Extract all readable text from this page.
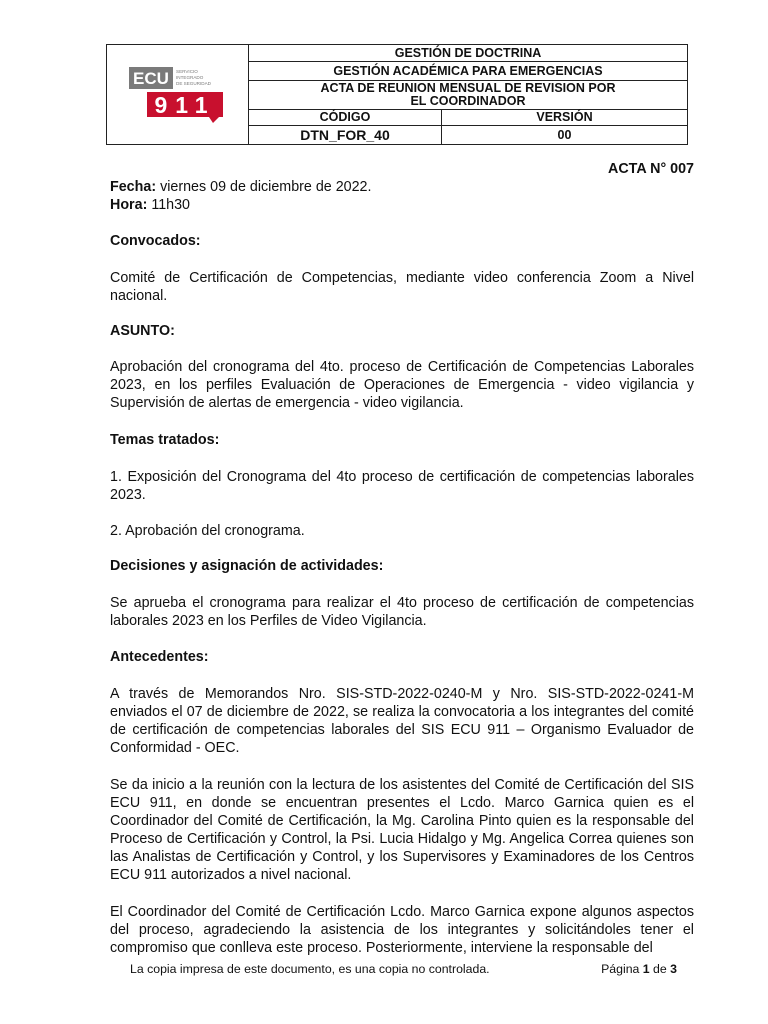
ECU SERVICIO
INTEGRADO
DE SEGURIDAD
911
GESTIÓN DE DOCTRINA
GESTIÓN ACADÉMICA PARA EMERGENCIAS
ACTA DE REUNION MENSUAL DE REVISION POR EL COORDINADOR
CÓDIGO	VERSIÓN
DTN_FOR_40	00
ACTA N° 007
Fecha: viernes 09 de diciembre de 2022.
Hora: 11h30
Convocados:

Comité de Certificación de Competencias, mediante video conferencia Zoom a Nivel nacional.

ASUNTO:

Aprobación del cronograma del 4to. proceso de Certificación de Competencias Laborales 2023, en los perfiles Evaluación de Operaciones de Emergencia - video vigilancia y Supervisión de alertas de emergencia - video vigilancia.

Temas tratados:

1. Exposición del Cronograma del 4to proceso de certificación de competencias laborales 2023.

2. Aprobación del cronograma.

Decisiones y asignación de actividades:

Se aprueba el cronograma para realizar el 4to proceso de certificación de competencias laborales 2023 en los Perfiles de Video Vigilancia.

Antecedentes:

A través de Memorandos Nro. SIS-STD-2022-0240-M y Nro. SIS-STD-2022-0241-M enviados el 07 de diciembre de 2022, se realiza la convocatoria a los integrantes del comité de certificación de competencias laborales del SIS ECU 911 – Organismo Evaluador de Conformidad - OEC.

Se da inicio a la reunión con la lectura de los asistentes del Comité de Certificación del SIS ECU 911, en donde se encuentran presentes el Lcdo. Marco Garnica quien es el Coordinador del Comité de Certificación, la Mg. Carolina Pinto quien es la responsable del Proceso de Certificación y Control, la Psi. Lucia Hidalgo y Mg. Angelica Correa quienes son las Analistas de Certificación y Control, y los Supervisores y Examinadores de los Centros ECU 911 autorizados a nivel nacional.

El Coordinador del Comité de Certificación Lcdo. Marco Garnica expone algunos aspectos del proceso, agradeciendo la asistencia de los integrantes y solicitándoles tener el compromiso que conlleva este proceso. Posteriormente, interviene la responsable del

La copia impresa de este documento, es una copia no controlada.	Página 1 de 3
